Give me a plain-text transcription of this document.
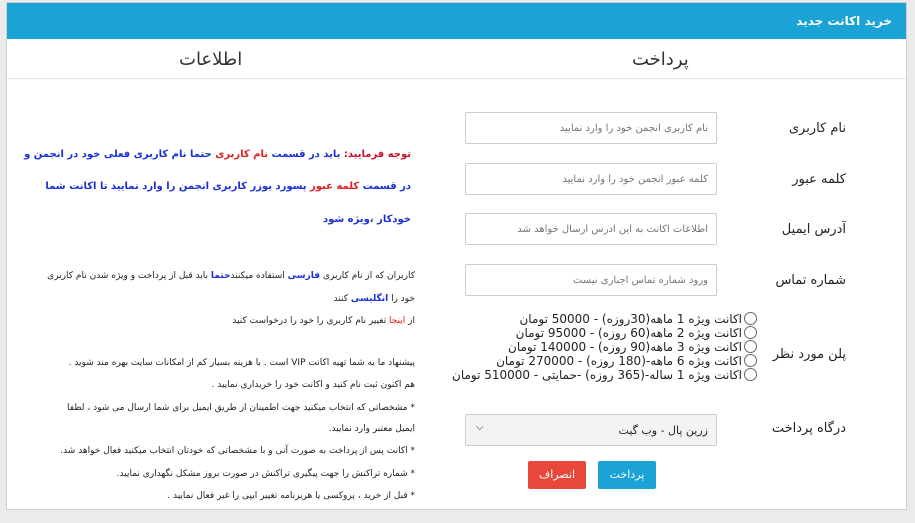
خرید اکانت جدید
پرداخت
اطلاعات
نام کاربری
کلمه عبور
آدرس ایمیل
شماره تماس
پلن مورد نظر
درگاه پرداخت
نام کاربری انجمن خود را وارد نمایید
اطلاعات اکانت به این آدرس ارسال خواهد شد
ورود شماره تماس اجباری نیست
اکانت ویژه 1 ماهه(30روزه) - 50000 تومان
اکانت ویژه 2 ماهه(60 روزه) - 95000 تومان
اکانت ویژه 3 ماهه(90 روزه) - 140000 تومان
اکانت ویژه 6 ماهه-(180 روزه) - 270000 تومان
اکانت ویژه 1 ساله-(365 روزه) -حمایتی - 510000 تومان
زرین پال - وب گیت
⌵
پرداخت
انصراف
توجه فرمایید: باید در قسمت نام کاربری حتما نام کاربری فعلی خود در انجمن و
در قسمت کلمه عبور پسورد یوزر کاربری انجمن را وارد نمایید تا اکانت شما
خودکار ،ویژه شود
کاربران که از نام کاربری فارسی استفاده میکنندحتما باید قبل از پرداخت و ویژه شدن نام کاربری
خود را انگلیسی کنند
از اینجا تغییر نام کاربری را خود را درخواست کنید
پیشنهاد ما به شما تهیه اکانت VIP است . با هزینه بسیار کم از امکانات سایت بهره مند شوید .
هم اکنون ثبت نام کنید و اکانت خود را خریداری نمایید .
* مشخصاتی که انتخاب میکنید جهت اطمینان از طریق ایمیل برای شما ارسال می شود ، لطفا
ایمیل معتبر وارد نمایید.
* اکانت پس از پرداخت به صورت آنی و با مشخصاتی که خودتان انتخاب میکنید فعال خواهد شد.
* شماره تراکنش را جهت پیگیری تراکنش در صورت بروز مشکل نگهداری نمایید.
* قبل از خرید ، پروکسی یا هربرنامه تغییر ایپی را غیر فعال نمایید .
